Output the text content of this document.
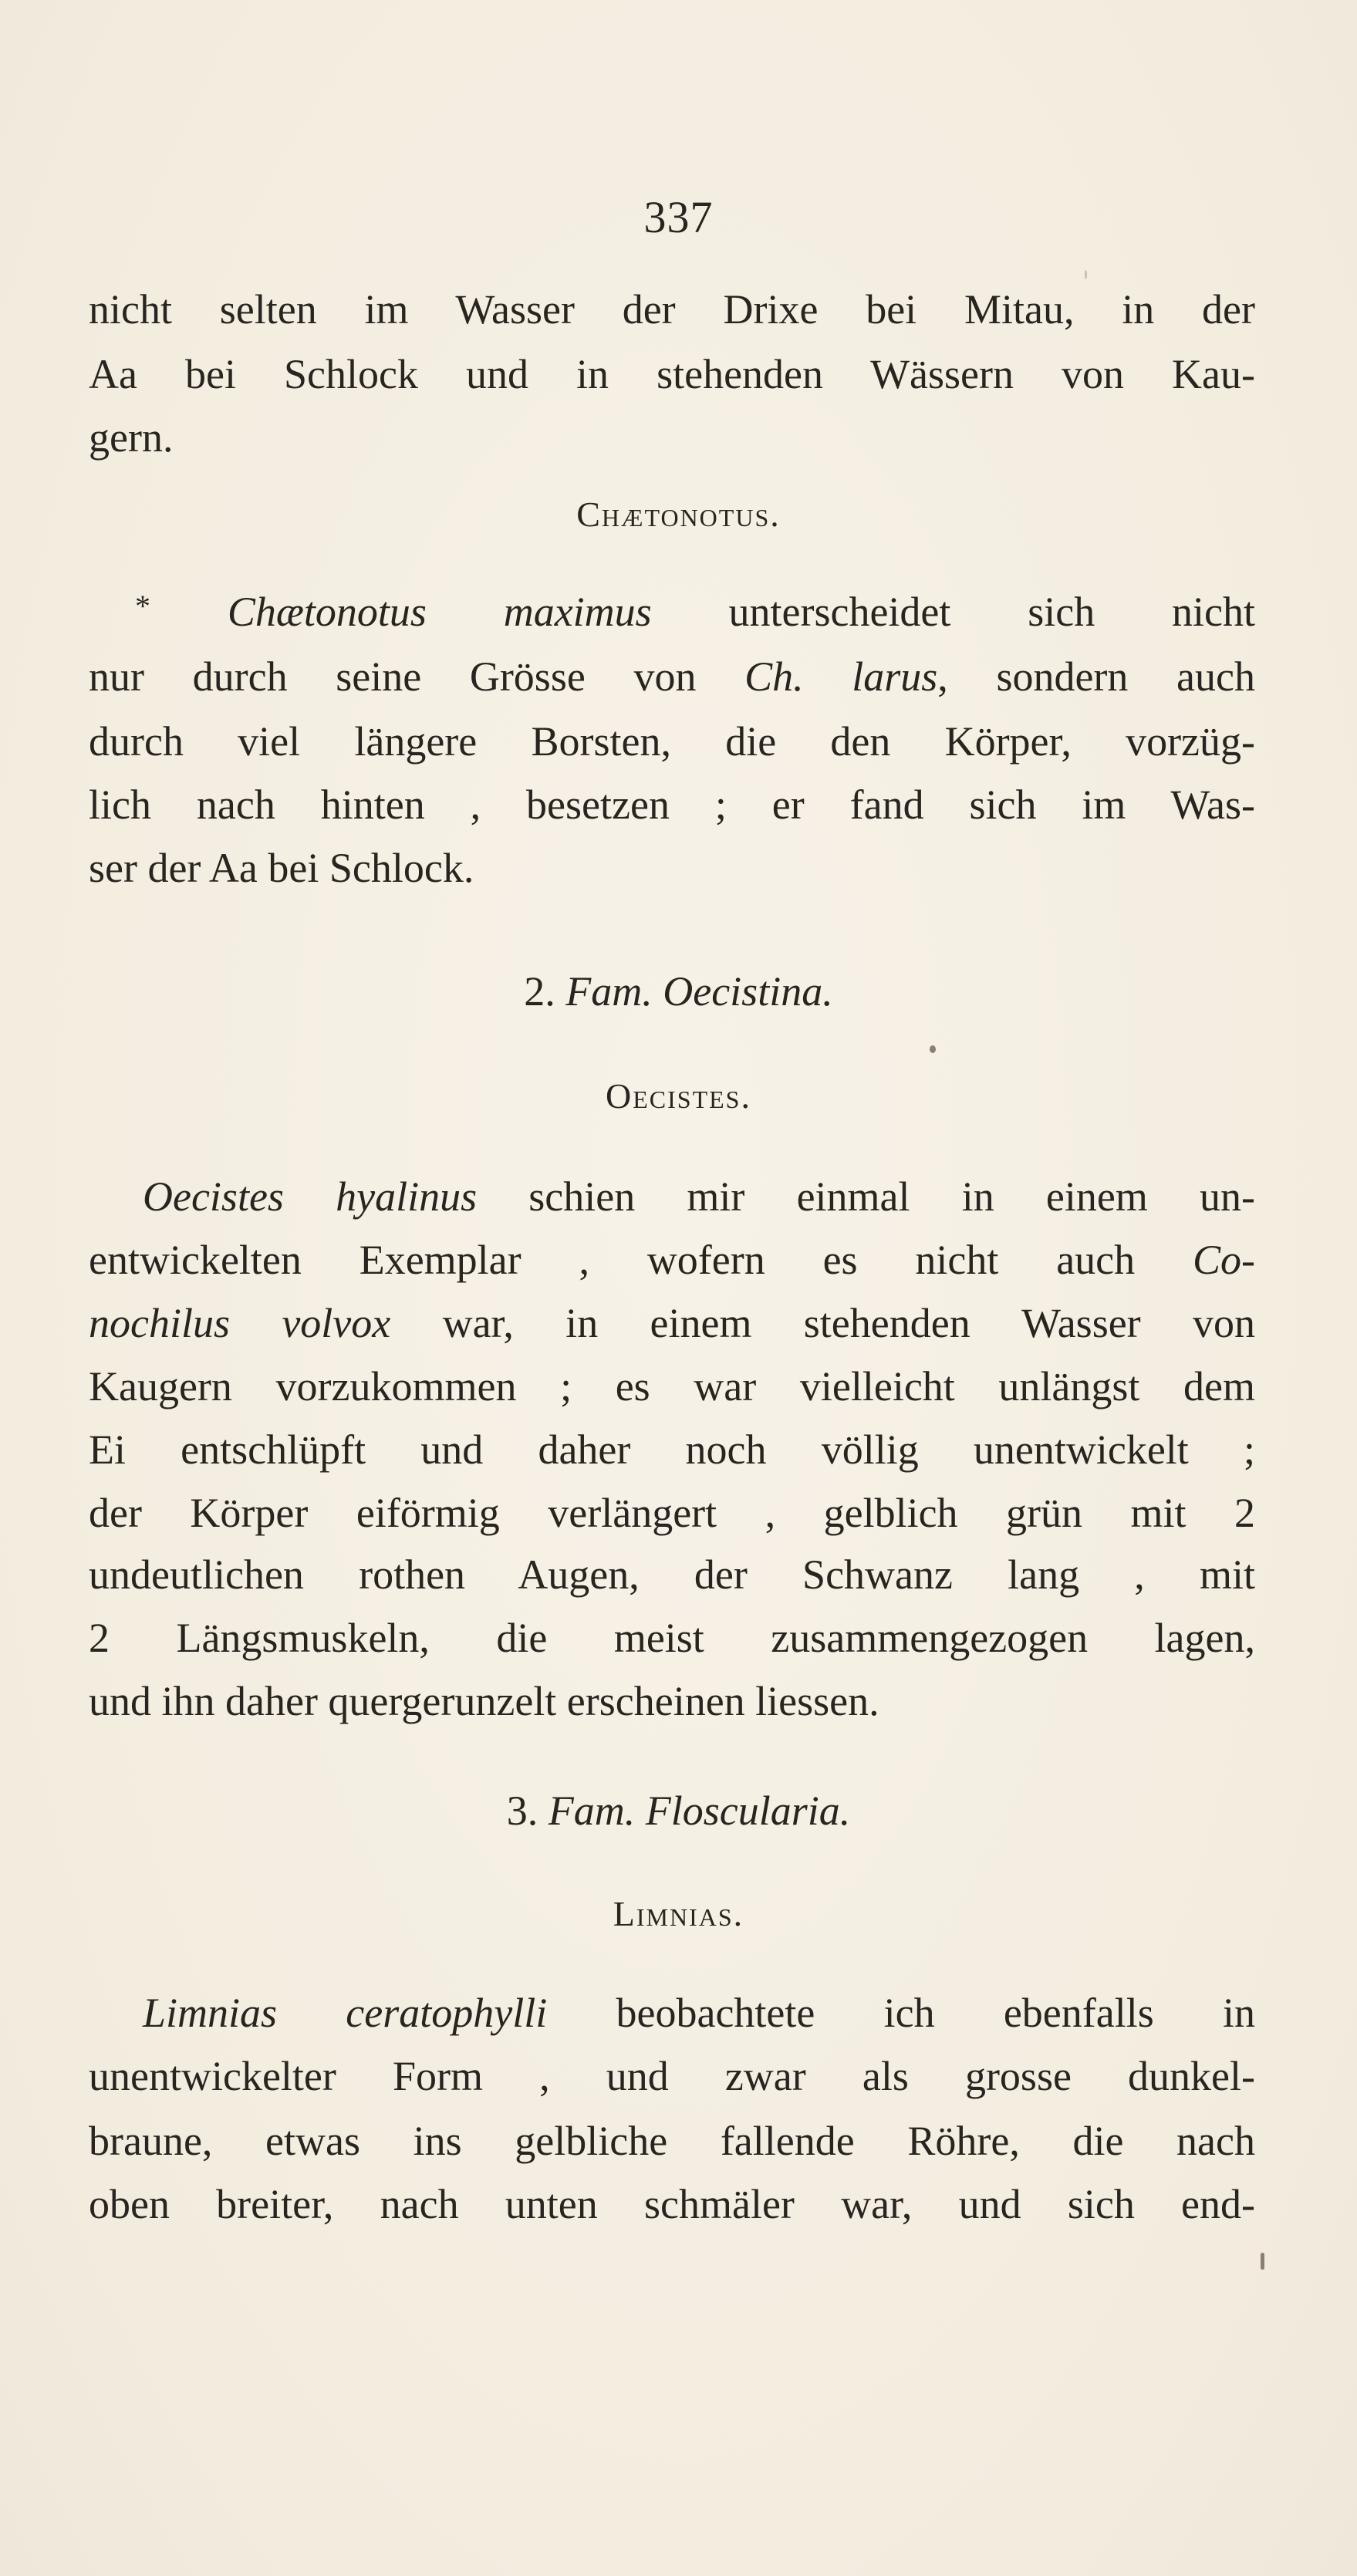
337
nicht selten im Wasser der Drixe bei Mitau, in der
Aa bei Schlock und in stehenden Wässern von Kau-
gern.
Chætonotus.
* Chætonotus maximus unterscheidet sich nicht
nur durch seine Grösse von Ch. larus, sondern auch
durch viel längere Borsten, die den Körper, vorzüg-
lich nach hinten , besetzen ; er fand sich im Was-
ser der Aa bei Schlock.
2. Fam. Oecistina.
Oecistes.
Oecistes hyalinus schien mir einmal in einem un-
entwickelten Exemplar , wofern es nicht auch Co-
nochilus volvox war, in einem stehenden Wasser von
Kaugern vorzukommen ; es war vielleicht unlängst dem
Ei entschlüpft und daher noch völlig unentwickelt ;
der Körper eiförmig verlängert , gelblich grün mit 2
undeutlichen rothen Augen, der Schwanz lang , mit
2 Längsmuskeln, die meist zusammengezogen lagen,
und ihn daher quergerunzelt erscheinen liessen.
3. Fam. Floscularia.
Limnias.
Limnias ceratophylli beobachtete ich ebenfalls in
unentwickelter Form , und zwar als grosse dunkel-
braune, etwas ins gelbliche fallende Röhre, die nach
oben breiter, nach unten schmäler war, und sich end-
